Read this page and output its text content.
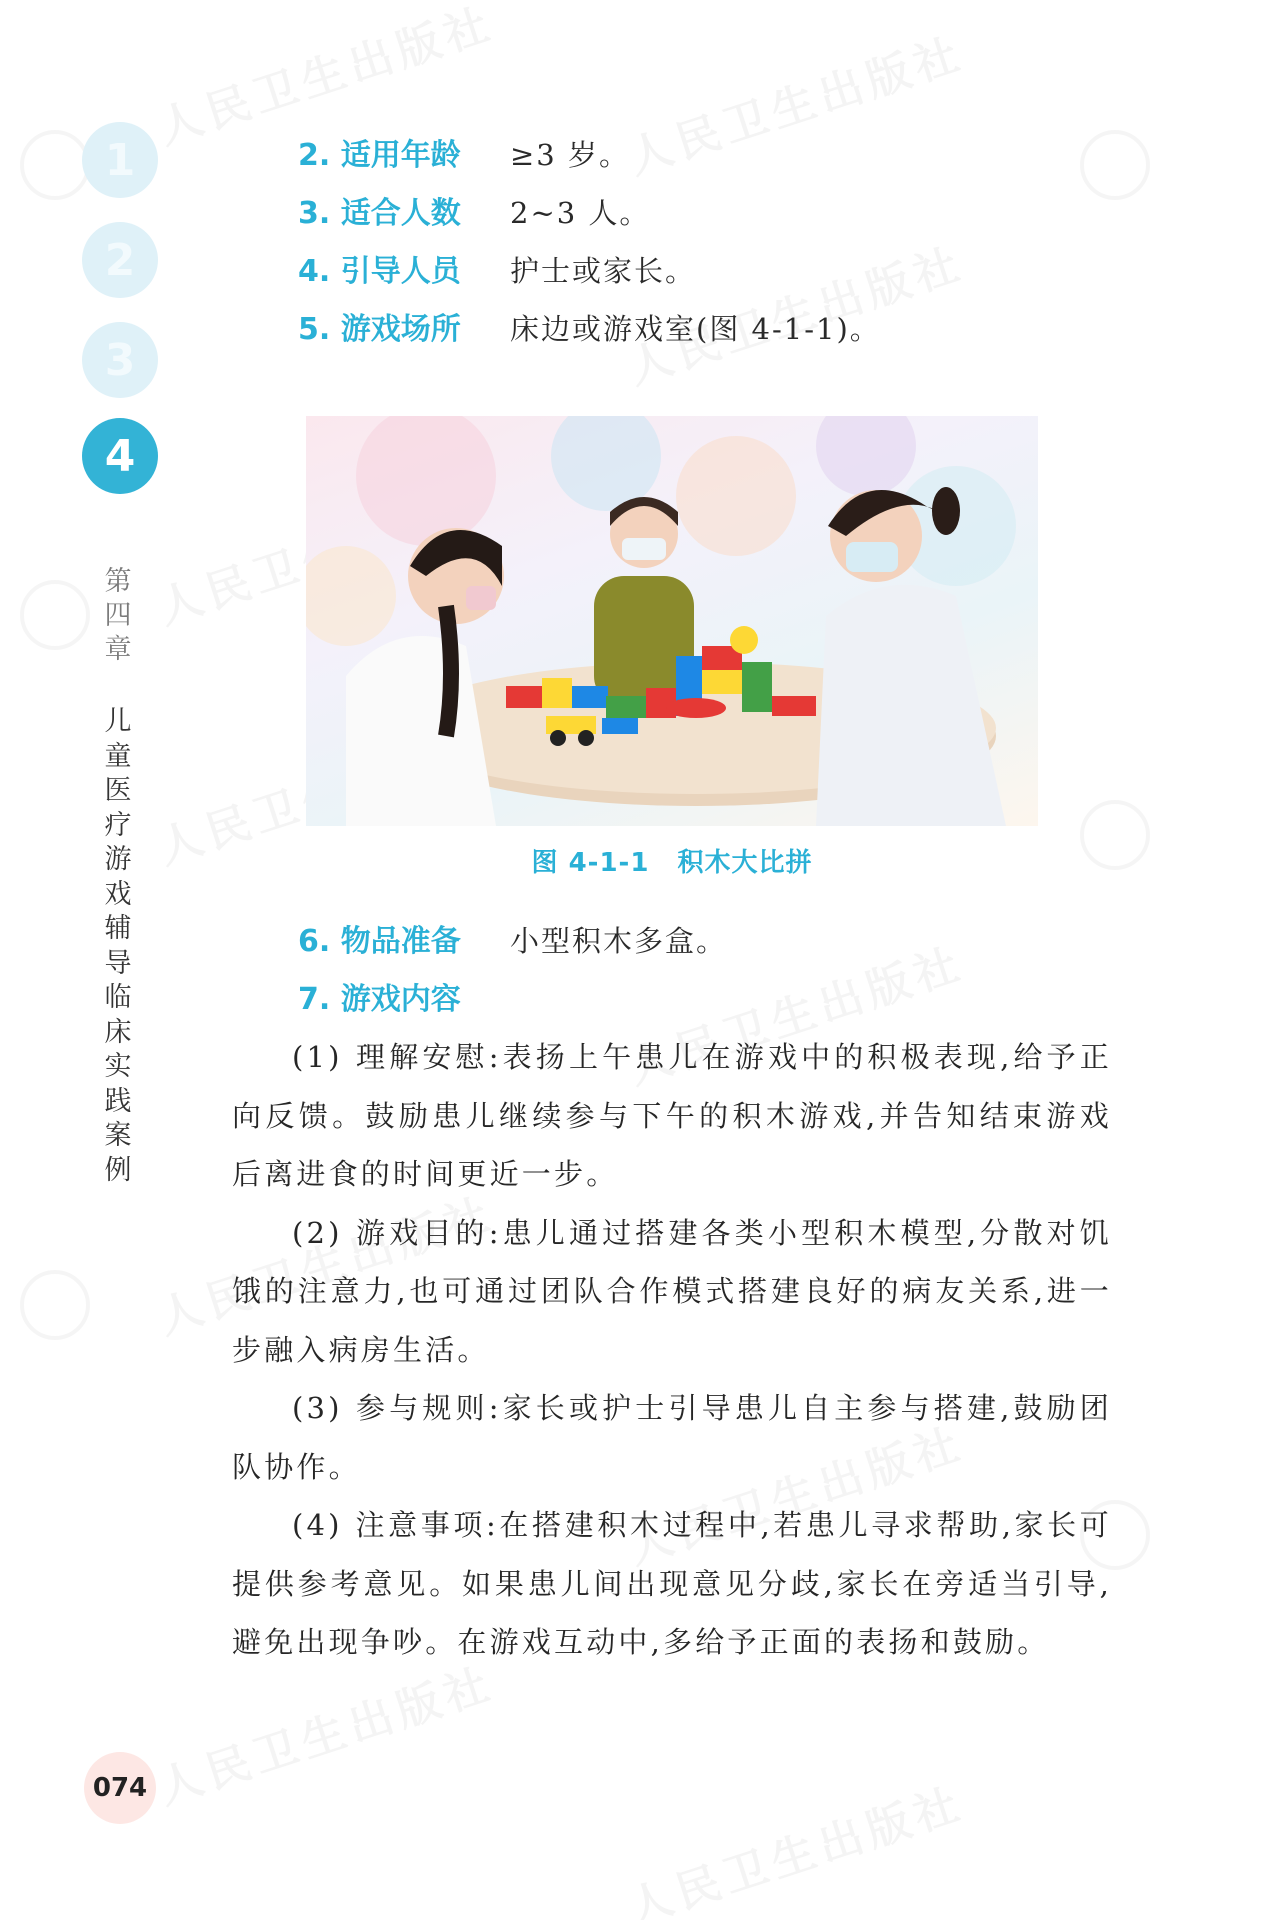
1
2
3
4
第四章
儿童医疗游戏辅导临床实践案例
2. 适用年龄	≥3 岁。
3. 适合人数	2~3 人。
4. 引导人员	护士或家长。
5. 游戏场所	床边或游戏室(图 4-1-1)。
图 4-1-1 积木大比拼
6. 物品准备	小型积木多盒。
7. 游戏内容

(1) 理解安慰:表扬上午患儿在游戏中的积极表现,给予正向反馈。鼓励患儿继续参与下午的积木游戏,并告知结束游戏后离进食的时间更近一步。

(2) 游戏目的:患儿通过搭建各类小型积木模型,分散对饥饿的注意力,也可通过团队合作模式搭建良好的病友关系,进一步融入病房生活。

(3) 参与规则:家长或护士引导患儿自主参与搭建,鼓励团队协作。

(4) 注意事项:在搭建积木过程中,若患儿寻求帮助,家长可提供参考意见。如果患儿间出现意见分歧,家长在旁适当引导,避免出现争吵。在游戏互动中,多给予正面的表扬和鼓励。

074
